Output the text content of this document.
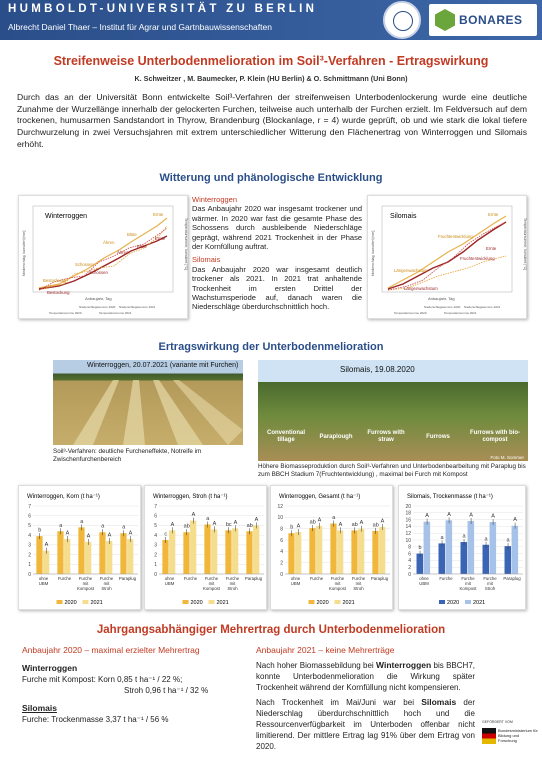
HUMBOLDT-UNIVERSITÄT ZU BERLIN
Albrecht Daniel Thaer – Institut für Agrar und Gartnbauwissenschaften	BONARES
Streifenweise Unterbodenmelioration im Soil³-Verfahren - Ertragswirkung
K. Schweitzer , M. Baumecker, P. Klein (HU Berlin) & O. Schmittmann (Uni Bonn)
Durch das an der Universität Bonn entwickelte Soil³-Verfahren der streifenweisen Unterbodenlockerung wurde eine deutliche Zunahme der Wurzellänge innerhalb der gelockerten Furchen, teilweise auch unterhalb der Furchen erzielt. Im Feldversuch auf dem trockenen, humusarmen Sandstandort in Thyrow, Brandenburg (Blockanlage, r = 4) wurde geprüft, ob und wie stark die lokal tiefere Durchwurzelung in zwei Versuchsjahren mit extrem unterschiedlicher Witterung den Flächenertrag von Winterroggen und Silomais erhöht.
Witterung und phänologische Entwicklung
Winterroggen
Niederschlag, kumuliert [mm]	Temperatursumme, kumuliert [°C]
Anbaujahr, Tag
Bestockung
Schossen
Ähren
Blüte
Ernte
Bestockung
Schossen
Ähren
Blüte
Ernte
Niederschlagssumme 2020 Niederschlagssumme 2021
Temperatursumme 2020	Temperatursumme 2021
Winterroggen
Das Anbaujahr 2020 war insgesamt trockener und wärmer. In 2020 war fast die gesamte Phase des Schossens durch ausbleibende Niederschläge geprägt, während 2021 Trockenheit in der Phase der Kornfüllung auftrat.
Silomais
Das Anbaujahr 2020 war insgesamt deutlich trockener als 2021. In 2021 trat anhaltende Trockenheit im ersten Drittel der Wachstumsperiode auf, danach waren die Niederschläge überdurchschnittlich hoch.
Silomais
Niederschlag, kumuliert [mm]	Temperatursumme, kumuliert [°C]
Anbaujahr, Tag
Längenwachstum
Fruchtentwicklung
Ernte
Längenwachstum
Fruchtentwicklung
Ernte
Niederschlagssumme 2020 Niederschlagssumme 2021
Temperatursumme 2020	Temperatursumme 2021
Ertragswirkung der Unterbodenmelioration
Winterroggen, 20.07.2021 (variante mit Furchen)
Soil³-Verfahren: deutliche Furcheneffekte, Notreife im Zwischenfurchenbereich
Silomais, 19.08.2020
Conventional tillage	Paraplough
Furrows with straw	Furrows
Furrows with bio-compost
Foto M. Sommer
Höhere Biomasseproduktion durch Soil³-Verfahren und Unterbodenbearbeitung mit Paraplug bis zum BBCH Stadium 7(Fruchtentwicklung) , maximal bei Furch mit Kompost
Winterroggen, Korn (t ha⁻¹)
0
1
2
3
4
5
6
7
b
A
ohne
UBM
a
A
Furche
a
A
Furche
mit
Kompost
a
A
Furche
mit
Stroh
a
A
Paraplug
2020	2021
Winterroggen, Stroh (t ha⁻¹)
0
1
2
3
4
5
6
7
c
A
ohne
UBM
ab
A
Furche
a
A
Furche
mit
Kompost
bc A
Furche
mit
Stroh
ab
A
Paraplug
2020	2021
Winterroggen, Gesamt (t ha⁻¹)
0
2
4
6
8
10
12
b A
ohne
UBM
ab A
Furche
a
A
Furche
mit
Kompost
ab A
Furche
mit
Stroh
ab
A
Paraplug
2020	2021
Silomais, Trockenmasse (t ha⁻¹)
0
2
4
6
8
10
12
14
16
18
20
b
A
ohne
UBM
a
A
Furche
a
A
Furche
mit
Kompost
a
A
Furche
mit
Stroh
a
A
Paraplug
2020	2021
Jahrgangsabhängiger Mehrertrag durch Unterbodenmelioration
Anbaujahr 2020 – maximal erzielter Mehrertrag
Winterroggen
Furche mit Kompost: Korn 0,85 t ha⁻¹ / 22 %;
Stroh 0,96 t ha⁻¹ / 32 %
Silomais
Furche: Trockenmasse 3,37 t ha⁻¹ / 56 %
Anbaujahr 2021 – keine Mehrerträge
Nach hoher Biomassebildung bei Winterroggen bis BBCH7, konnte Unterbodenmelioration die Wirkung später Trockenheit während der Kornfüllung nicht kompensieren.
Nach Trockenheit im Mai/Juni war bei Silomais der Niederschlag überdurchschnittlich hoch und die Ressourcenverfügbarkeit im Unterboden offenbar nicht limitierend. Der mittlere Ertrag lag 91% über dem Ertrag von 2020.
GEFÖRDERT VOM
Bundesministerium für Bildung und Forschung
